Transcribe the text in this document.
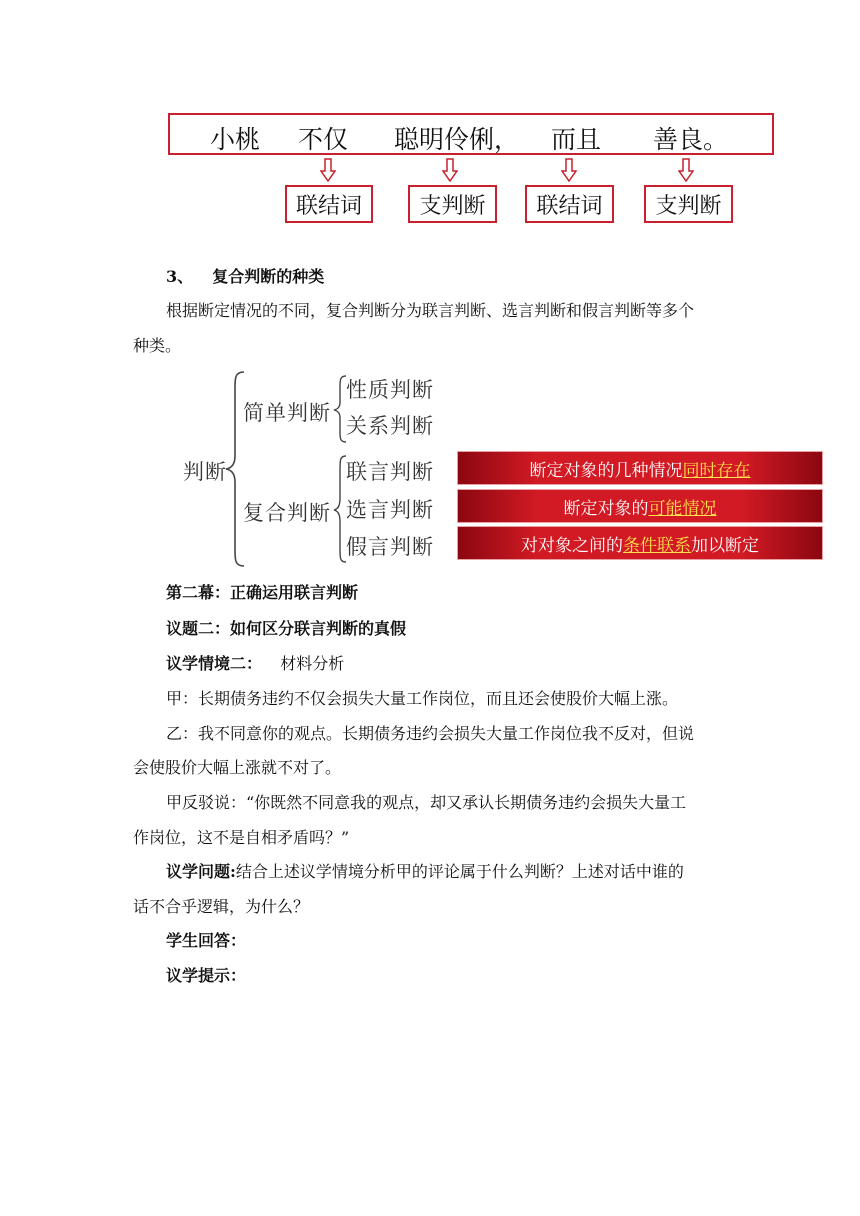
小桃 不仅 聪明伶俐， 而且 善良。
联结词	支判断	联结词	支判断
3、 复合判断的种类
根据断定情况的不同，复合判断分为联言判断、选言判断和假言判断等多个
种类。
判断
简单判断
性质判断
关系判断
复合判断
联言判断
选言判断
假言判断
断定对象的几种情况 同时存在
断定对象的 可能情况
对对象之间的 条件联系 加以断定
第二幕：正确运用联言判断
议题二：如何区分联言判断的真假
议学情境二： 材料分析
甲：长期债务违约不仅会损失大量工作岗位，而且还会使股价大幅上涨。
乙：我不同意你的观点。长期债务违约会损失大量工作岗位我不反对，但说
会使股价大幅上涨就不对了。
甲反驳说：“你既然不同意我的观点，却又承认长期债务违约会损失大量工
作岗位，这不是自相矛盾吗？”
议学问题:结合上述议学情境分析甲的评论属于什么判断？上述对话中谁的
话不合乎逻辑，为什么？
学生回答：
议学提示：
